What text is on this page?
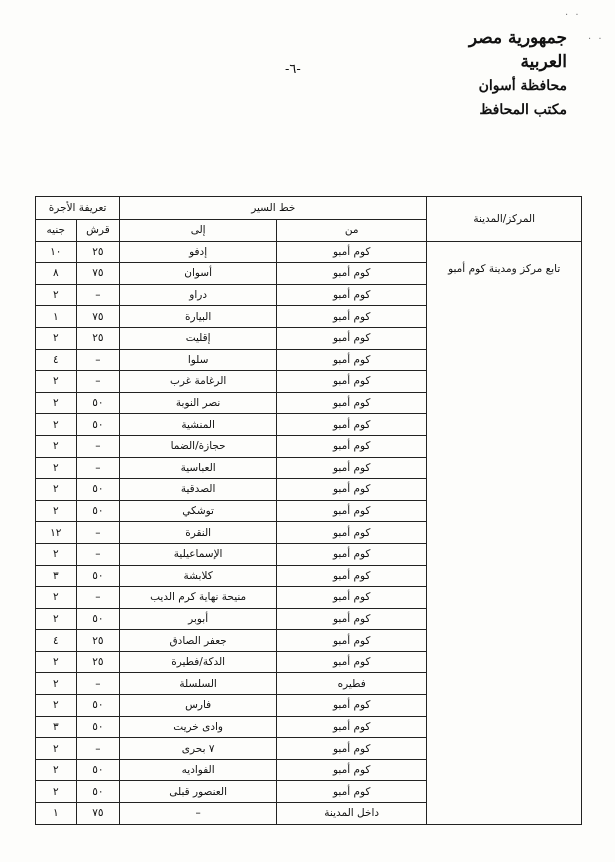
· ·
· ·
جمهورية مصر العربية
محافظة أسوان
مكتب المحافظ
-٦-
المركز/المدينة	خط السير		تعريفة الأجرة	
	من	إلى	قرش	جنيه
تابع مركز ومدينة كوم أمبو	كوم أمبو	إدفو	٢٥	١٠
	كوم أمبو	أسوان	٧٥	٨
	كوم أمبو	دراو	–	٢
	كوم أمبو	البيارة	٧٥	١
	كوم أمبو	إقليت	٢٥	٢
	كوم أمبو	سلوا	–	٤
	كوم أمبو	الرغامة غرب	–	٢
	كوم أمبو	نصر النوبة	٥٠	٢
	كوم أمبو	المنشية	٥٠	٢
	كوم أمبو	حجازة/الضما	–	٢
	كوم أمبو	العباسية	–	٢
	كوم أمبو	الصدقية	٥٠	٢
	كوم أمبو	توشكي	٥٠	٢
	كوم أمبو	النقرة	–	١٢
	كوم أمبو	الإسماعيلية	–	٢
	كوم أمبو	كلابشة	٥٠	٣
	كوم أمبو	منيحة نهاية كرم الديب	–	٢
	كوم أمبو	أبوبر	٥٠	٢
	كوم أمبو	جعفر الصادق	٢٥	٤
	كوم أمبو	الدكة/فطيرة	٢٥	٢
	فطيره	السلسلة	–	٢
	كوم أمبو	فارس	٥٠	٢
	كوم أمبو	وادى خريت	٥٠	٣
	كوم أمبو	٧ بحرى	–	٢
	كوم أمبو	الفواديه	٥٠	٢
	كوم أمبو	العنصور قبلى	٥٠	٢
	داخل المدينة	–	٧٥	١
